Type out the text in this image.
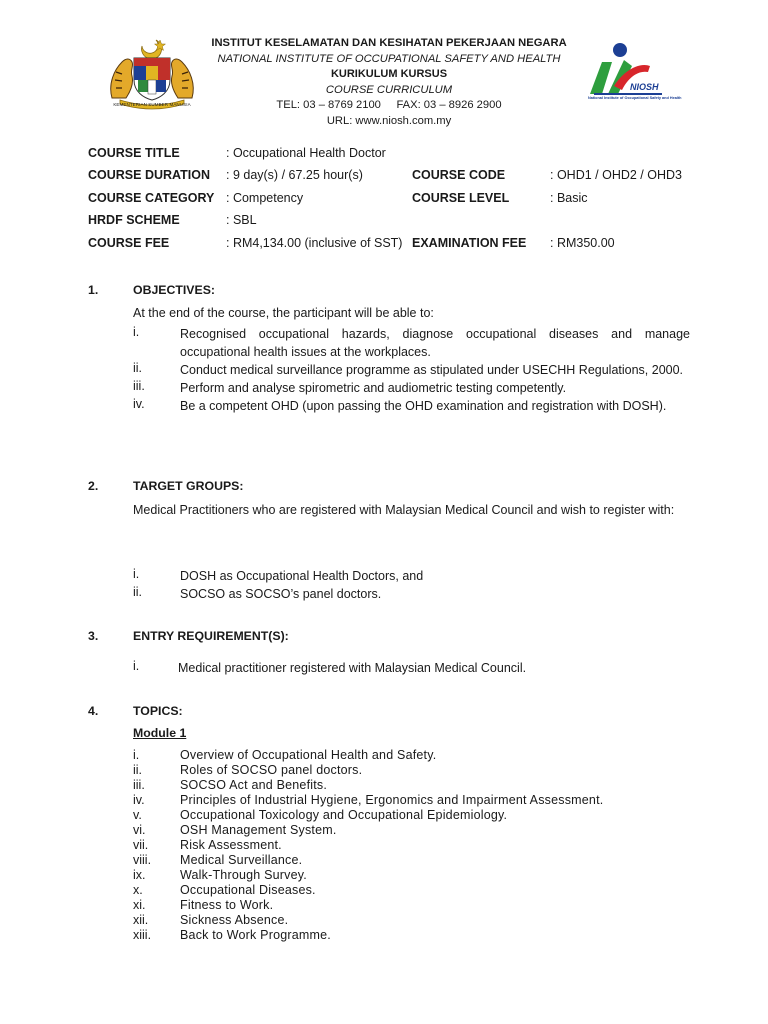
KEMENTERIAN SUMBER MANUSIA
INSTITUT KESELAMATAN DAN KESIHATAN PEKERJAAN NEGARA
NATIONAL INSTITUTE OF OCCUPATIONAL SAFETY AND HEALTH
KURIKULUM KURSUS
COURSE CURRICULUM
TEL: 03 – 8769 2100     FAX: 03 – 8926 2900
URL: www.niosh.com.my
NIOSH
National Institute of Occupational Safety and Health
COURSE TITLE	: Occupational Health Doctor
COURSE DURATION : 9 day(s) / 67.25 hour(s)	COURSE CODE	: OHD1 / OHD2 / OHD3
COURSE CATEGORY : Competency	COURSE LEVEL	: Basic
HRDF SCHEME	: SBL
COURSE FEE	: RM4,134.00 (inclusive of SST) EXAMINATION FEE : RM350.00
1.	OBJECTIVES:
At the end of the course, the participant will be able to:
i.	Recognised occupational hazards, diagnose occupational diseases and manage occupational health issues at the workplaces.
ii.	Conduct medical surveillance programme as stipulated under USECHH Regulations, 2000.
iii.	Perform and analyse spirometric and audiometric testing competently.
iv.	Be a competent OHD (upon passing the OHD examination and registration with DOSH).
2.	TARGET GROUPS:
Medical Practitioners who are registered with Malaysian Medical Council and wish to register with:
i.	DOSH as Occupational Health Doctors, and
ii.	SOCSO as SOCSO’s panel doctors.
3.	ENTRY REQUIREMENT(S):
i.	Medical practitioner registered with Malaysian Medical Council.
4.	TOPICS:
Module 1
i.	Overview of Occupational Health and Safety.
ii.	Roles of SOCSO panel doctors.
iii.	SOCSO Act and Benefits.
iv.	Principles of Industrial Hygiene, Ergonomics and Impairment Assessment.
v.	Occupational Toxicology and Occupational Epidemiology.
vi.	OSH Management System.
vii.	Risk Assessment.
viii. Medical Surveillance.
ix.	Walk-Through Survey.
x.	Occupational Diseases.
xi.	Fitness to Work.
xii.	Sickness Absence.
xiii. Back to Work Programme.
